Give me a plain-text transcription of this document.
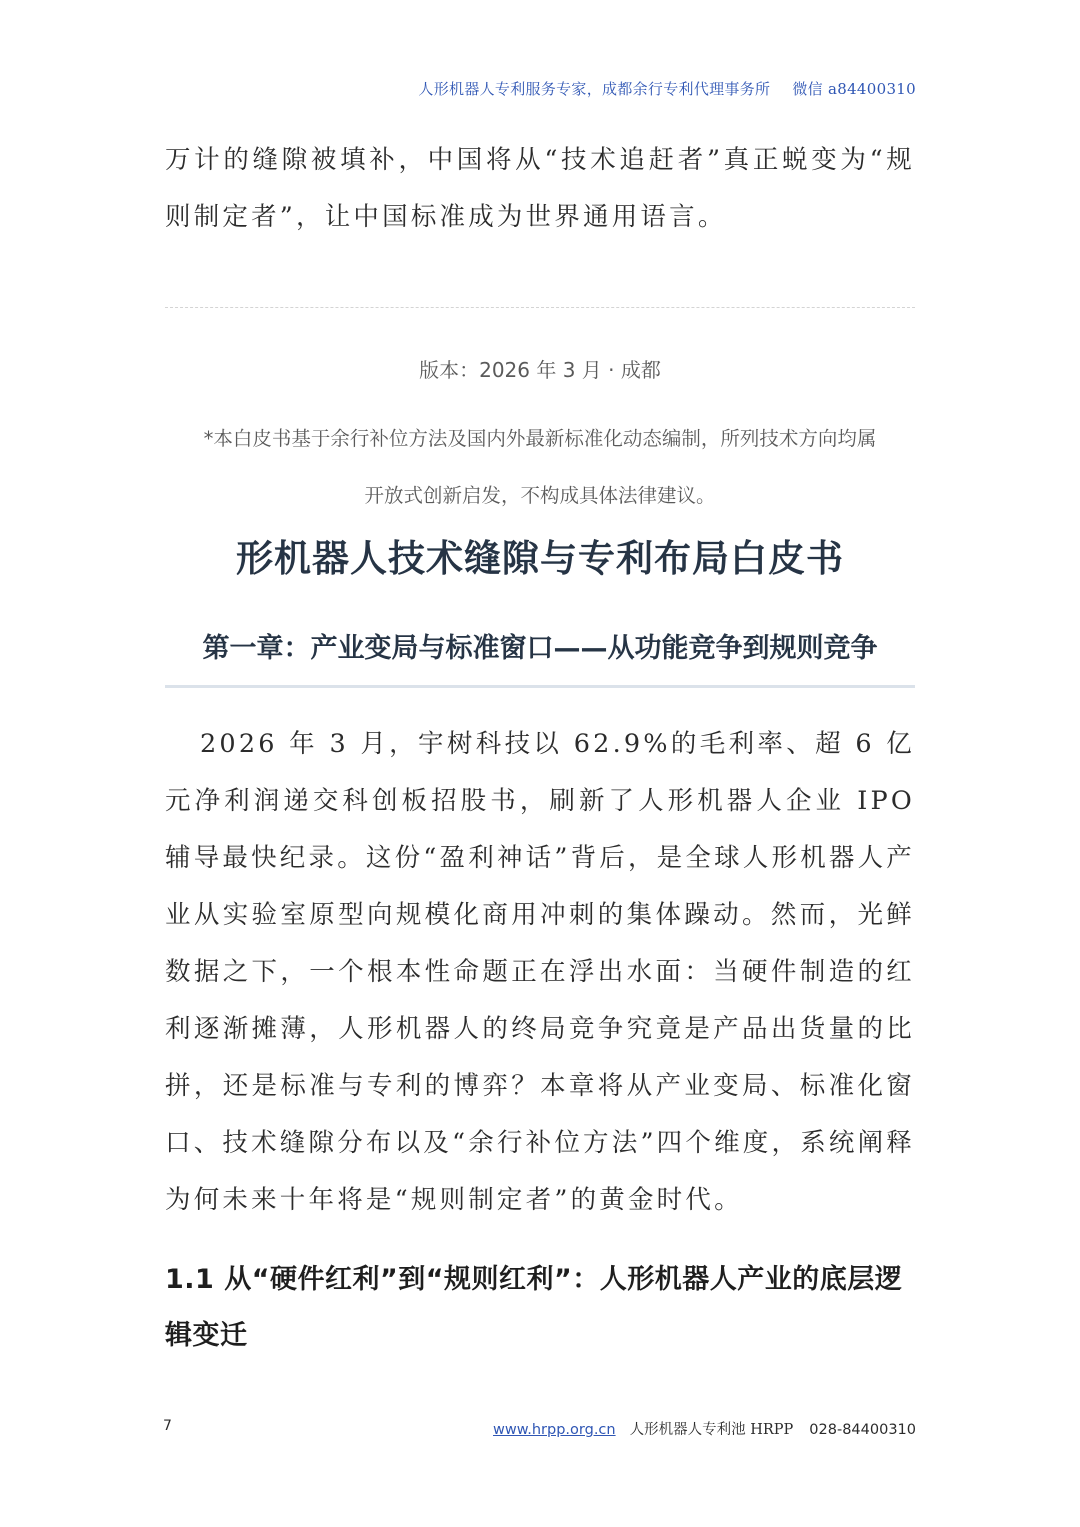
人形机器人专利服务专家，成都余行专利代理事务所 微信 a84400310

万计的缝隙被填补，中国将从“技术追赶者”真正蜕变为“规则制定者”，让中国标准成为世界通用语言。

版本：2026 年 3 月 · 成都
*本白皮书基于余行补位方法及国内外最新标准化动态编制，所列技术方向均属
开放式创新启发，不构成具体法律建议。
形机器人技术缝隙与专利布局白皮书
第一章：产业变局与标准窗口——从功能竞争到规则竞争

2026 年 3 月，宇树科技以 62.9%的毛利率、超 6 亿元净利润递交科创板招股书，刷新了人形机器人企业 IPO 辅导最快纪录。这份“盈利神话”背后，是全球人形机器人产业从实验室原型向规模化商用冲刺的集体躁动。然而，光鲜数据之下，一个根本性命题正在浮出水面：当硬件制造的红利逐渐摊薄，人形机器人的终局竞争究竟是产品出货量的比拼，还是标准与专利的博弈？本章将从产业变局、标准化窗口、技术缝隙分布以及“余行补位方法”四个维度，系统阐释为何未来十年将是“规则制定者”的黄金时代。

1.1 从“硬件红利”到“规则红利”：人形机器人产业的底层逻辑变迁
7	www.hrpp.org.cn 人形机器人专利池 HRPP 028-84400310
